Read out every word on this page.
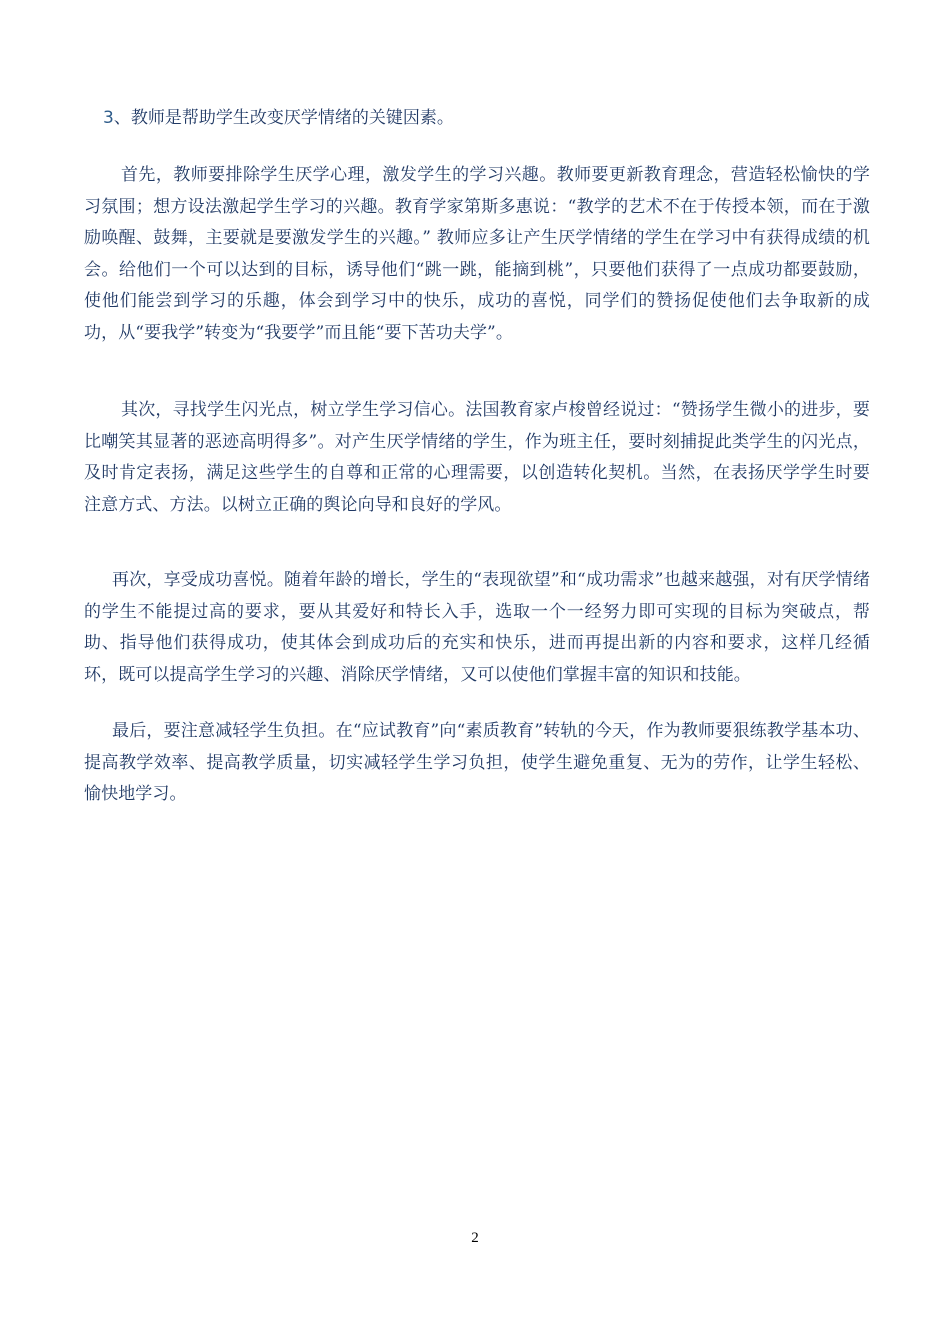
3、教师是帮助学生改变厌学情绪的关键因素。

首先，教师要排除学生厌学心理，激发学生的学习兴趣。教师要更新教育理念，营造轻松愉快的学习氛围；想方设法激起学生学习的兴趣。教育学家第斯多惠说：“教学的艺术不在于传授本领，而在于激励唤醒、鼓舞，主要就是要激发学生的兴趣。” 教师应多让产生厌学情绪的学生在学习中有获得成绩的机会。给他们一个可以达到的目标，诱导他们“跳一跳，能摘到桃”，只要他们获得了一点成功都要鼓励，使他们能尝到学习的乐趣，体会到学习中的快乐，成功的喜悦，同学们的赞扬促使他们去争取新的成功，从“要我学”转变为“我要学”而且能“要下苦功夫学”。

其次，寻找学生闪光点，树立学生学习信心。法国教育家卢梭曾经说过：“赞扬学生微小的进步，要比嘲笑其显著的恶迹高明得多”。对产生厌学情绪的学生，作为班主任，要时刻捕捉此类学生的闪光点，及时肯定表扬，满足这些学生的自尊和正常的心理需要，以创造转化契机。当然，在表扬厌学学生时要注意方式、方法。以树立正确的舆论向导和良好的学风。

再次，享受成功喜悦。随着年龄的增长，学生的“表现欲望”和“成功需求”也越来越强，对有厌学情绪的学生不能提过高的要求，要从其爱好和特长入手，选取一个一经努力即可实现的目标为突破点，帮助、指导他们获得成功，使其体会到成功后的充实和快乐，进而再提出新的内容和要求，这样几经循环，既可以提高学生学习的兴趣、消除厌学情绪，又可以使他们掌握丰富的知识和技能。

最后，要注意减轻学生负担。在“应试教育”向“素质教育”转轨的今天，作为教师要狠练教学基本功、提高教学效率、提高教学质量，切实减轻学生学习负担，使学生避免重复、无为的劳作，让学生轻松、愉快地学习。

2
